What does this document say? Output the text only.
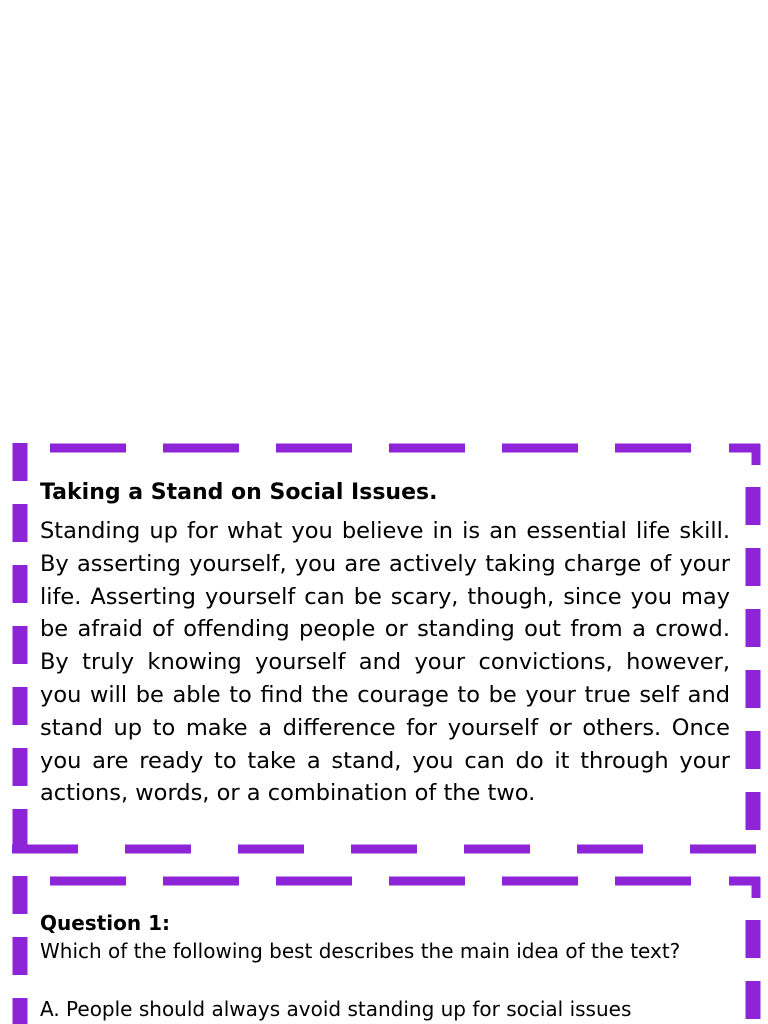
Taking a Stand on Social Issues.

Standing up for what you believe in is an essential life skill. By asserting yourself, you are actively taking charge of your life. Asserting yourself can be scary, though, since you may be afraid of offending people or standing out from a crowd. By truly knowing yourself and your convictions, however, you will be able to find the courage to be your true self and stand up to make a difference for yourself or others. Once you are ready to take a stand, you can do it through your actions, words, or a combination of the two.

Question 1:
Which of the following best describes the main idea of the text?
A. People should always avoid standing up for social issues
